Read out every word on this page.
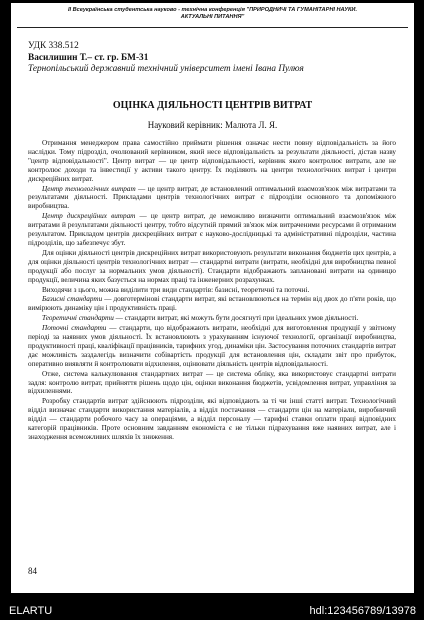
ІІ Всеукраїнська студентська науково - технічна конференція "ПРИРОДНИЧІ ТА ГУМАНІТАРНІ НАУКИ.
АКТУАЛЬНІ ПИТАННЯ"
УДК 338.512
Василишин Т.– ст. гр. БМ-31
Тернопільський державний технічний університет імені Івана Пулюя
ОЦІНКА ДІЯЛЬНОСТІ ЦЕНТРІВ ВИТРАТ
Науковий керівник: Малюта Л. Я.

Отримання менеджером права самостійно приймати рішення означає нести повну відповідальність за його наслідки. Тому підрозділ, очолюваний керівником, який несе відповідальність за результати діяльності, дістав назву "центр відповідальності". Центр витрат — це центр відповідальності, керівник якого контролює витрати, але не контролює доходи та інвестиції у активи такого центру. Їх поділяють на центри технологічних витрат і центри дискреційних витрат.

Центр технологічних витрат — це центр витрат, де встановлений оптимальний взаємозв'язок між витратами та результатами діяльності. Прикладами центрів технологічних витрат є підрозділи основного та допоміжного виробництва.

Центр дискреційних витрат — це центр витрат, де неможливо визначити оптимальний взаємозв'язок між витратами й результатами діяльності центру, тобто відсутній прямий зв'язок між витраченими ресурсами й отриманим результатом. Прикладом центрів дискреційних витрат є науково-дослідницькі та адміністративні підрозділи, частина підрозділів, що забезпечує збут.

Для оцінки діяльності центрів дискреційних витрат використовують результати виконання бюджетів цих центрів, а для оцінки діяльності центрів технологічних витрат — стандартні витрати (витрати, необхідні для виробництва певної продукції або послуг за нормальних умов діяльності). Стандарти відображають заплановані витрати на одиницю продукції, величина яких базується на нормах праці та інженерних розрахунках.

Виходячи з цього, можна виділити три види стандартів: базисні, теоретичні та поточні.

Базисні стандарти — довготермінові стандарти витрат, які встановлюються на термін від двох до п'яти років, що вимірюють динаміку цін і продуктивність праці.

Теоретичні стандарти — стандарти витрат, які можуть бути досягнуті при ідеальних умов діяльності.

Поточні стандарти — стандарти, що відображають витрати, необхідні для виготовлення продукції у звітному періоді за наявних умов діяльності. Їх встановлюють з урахуванням існуючої технології, організації виробництва, продуктивності праці, кваліфікації працівників, тарифних угод, динаміки цін. Застосування поточних стандартів витрат дає можливість заздалегідь визначити собівартість продукції для встановлення цін, складати звіт про прибуток, оперативно виявляти й контролювати відхилення, оцінювати діяльність центрів відповідальності.

Отже, система калькулювання стандартних витрат — це система обліку, яка використовує стандартні витрати задля: контролю витрат, прийняття рішень щодо цін, оцінки виконання бюджетів, усвідомлення витрат, управління за відхиленнями.

Розробку стандартів витрат здійснюють підрозділи, які відповідають за ті чи інші статті витрат. Технологічний відділ визначає стандарти використання матеріалів, а відділ постачання — стандарти цін на матеріали, виробничий відділ — стандарти робочого часу за операціями, а відділ персоналу — тарифні ставки оплати праці відповідних категорій працівників. Проте основним завданням економіста є не тільки підрахування вже наявних витрат, але і знаходження всеможливих шляхів їх зниження.

84
ELARTU	hdl:123456789/13978
